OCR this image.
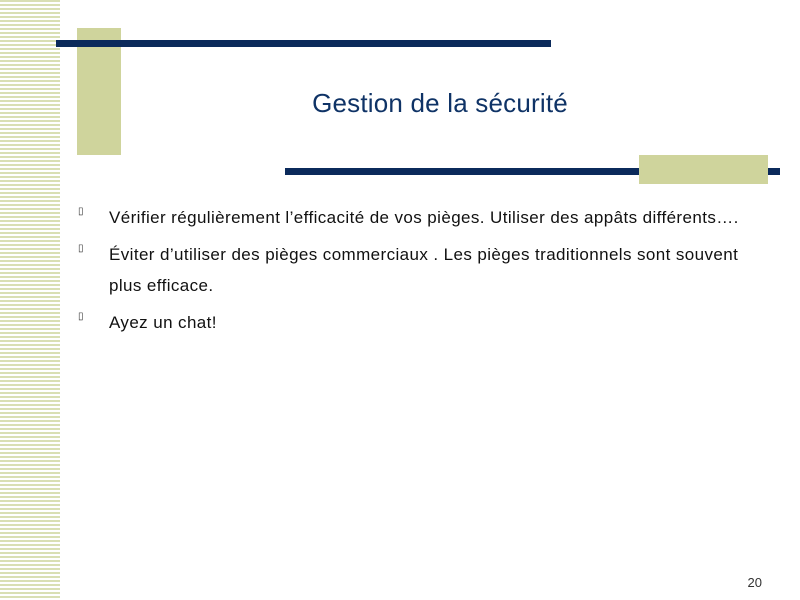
Gestion de la sécurité
▯ Vérifier régulièrement l’efficacité de vos pièges. Utiliser des appâts différents….
▯ Éviter d’utiliser des pièges commerciaux . Les pièges traditionnels sont souvent plus efficace.
▯ Ayez un chat!
20
